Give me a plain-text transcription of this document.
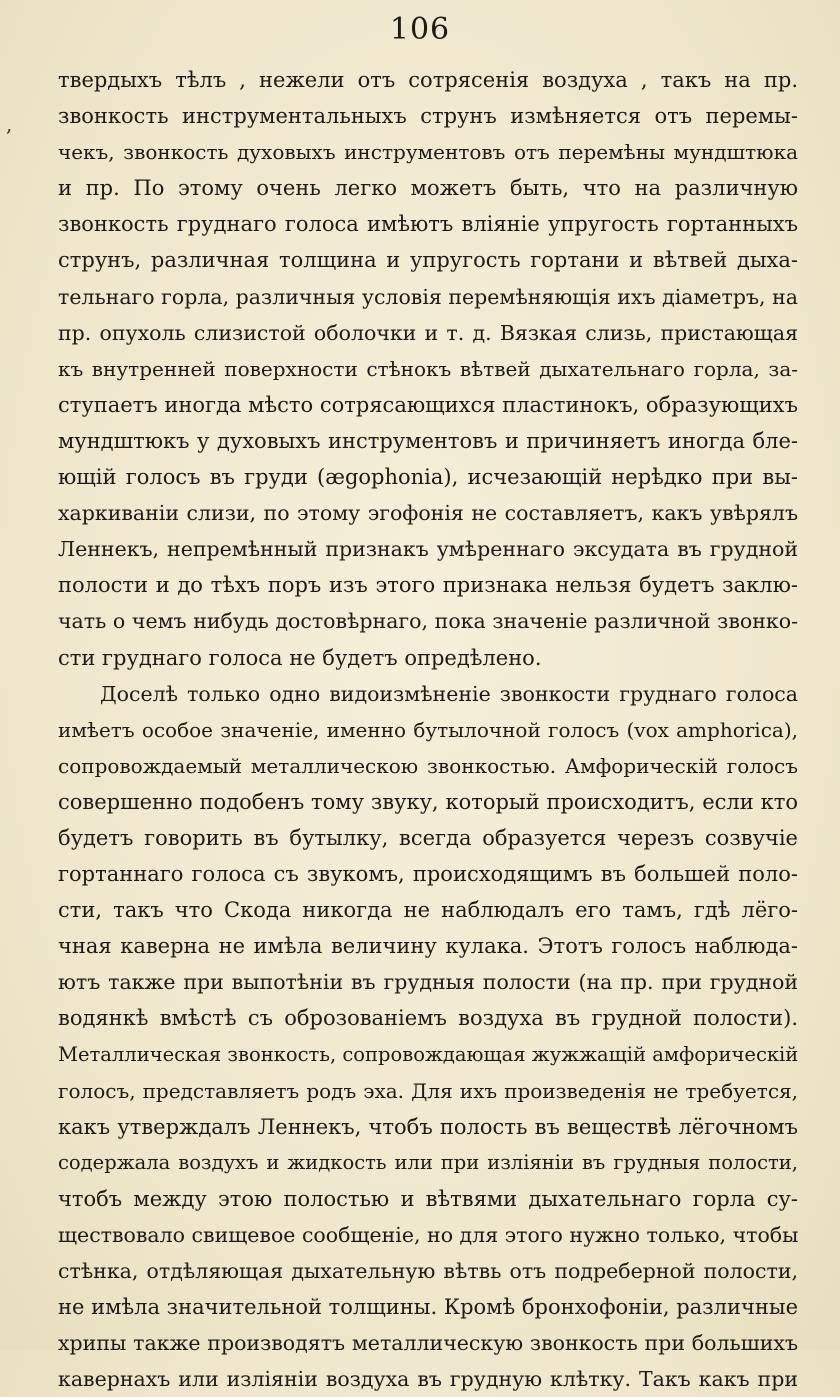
106
,
твердыхъ тѣлъ , нежели отъ сотрясенія воздуха , такъ на пр.
звонкость инструментальныхъ струнъ измѣняется отъ перемы-
чекъ, звонкость духовыхъ инструментовъ отъ перемѣны мундштюка
и пр. По этому очень легко можетъ быть, что на различную
звонкость груднаго голоса имѣютъ вліяніе упругость гортанныхъ
струнъ, различная толщина и упругость гортани и вѣтвей дыха-
тельнаго горла, различныя условія перемѣняющія ихъ діаметръ, на
пр. опухоль слизистой оболочки и т. д. Вязкая слизь, пристающая
къ внутренней поверхности стѣнокъ вѣтвей дыхательнаго горла, за-
ступаетъ иногда мѣсто сотрясающихся пластинокъ, образующихъ
мундштюкъ у духовыхъ инструментовъ и причиняетъ иногда бле-
ющій голосъ въ груди (ægophonia), исчезающій нерѣдко при вы-
харкиваніи слизи, по этому эгофонія не составляетъ, какъ увѣрялъ
Леннекъ, непремѣнный признакъ умѣреннаго эксудата въ грудной
полости и до тѣхъ поръ изъ этого признака нельзя будетъ заклю-
чать о чемъ нибудь достовѣрнаго, пока значеніе различной звонко-
сти груднаго голоса не будетъ опредѣлено.
Доселѣ только одно видоизмѣненіе звонкости груднаго голоса
имѣетъ особое значеніе, именно бутылочной голосъ (vox amphorica),
сопровождаемый металлическою звонкостью. Амфорическій голосъ
совершенно подобенъ тому звуку, который происходитъ, если кто
будетъ говорить въ бутылку, всегда образуется черезъ созвучіе
гортаннаго голоса съ звукомъ, происходящимъ въ большей поло-
сти, такъ что Скода никогда не наблюдалъ его тамъ, гдѣ лёго-
чная каверна не имѣла величину кулака. Этотъ голосъ наблюда-
ютъ также при выпотѣніи въ грудныя полости (на пр. при грудной
водянкѣ вмѣстѣ съ оброзованіемъ воздуха въ грудной полости).
Металлическая звонкость, сопровождающая жужжащій амфорическій
голосъ, представляетъ родъ эха. Для ихъ произведенія не требуется,
какъ утверждалъ Леннекъ, чтобъ полость въ веществѣ лёгочномъ
содержала воздухъ и жидкость или при изліяніи въ грудныя полости,
чтобъ между этою полостью и вѣтвями дыхательнаго горла су-
ществовало свищевое сообщеніе, но для этого нужно только, чтобы
стѣнка, отдѣляющая дыхательную вѣтвь отъ подреберной полости,
не имѣла значительной толщины. Кромѣ бронхофоніи, различные
хрипы также производятъ металлическую звонкость при большихъ
кавернахъ или изліяніи воздуха въ грудную клѣтку. Такъ какъ при
